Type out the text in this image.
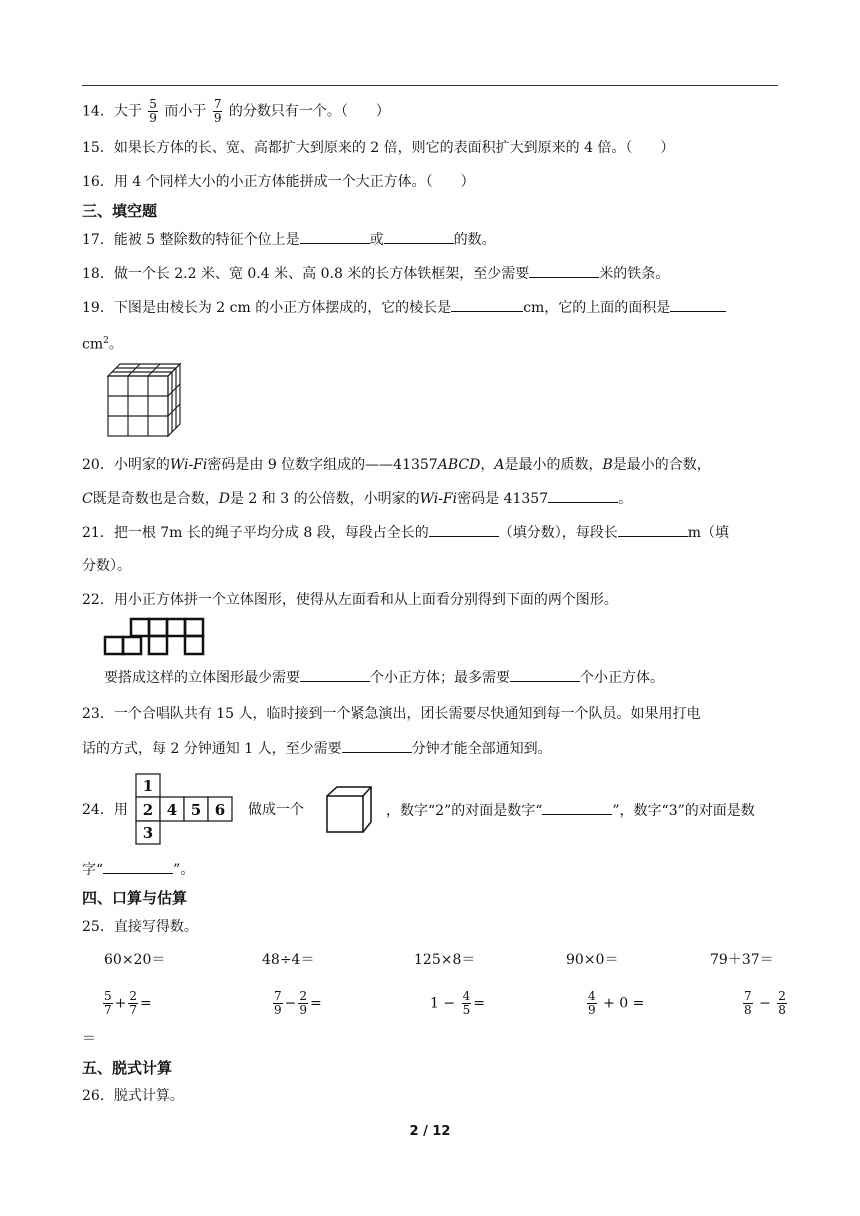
14．大于 $\frac{5}{9}$ 而小于 $\frac{7}{9}$ 的分数只有一个。（　　）
15．如果长方体的长、宽、高都扩大到原来的 2 倍，则它的表面积扩大到原来的 4 倍。（　　）
16．用 4 个同样大小的小正方体能拼成一个大正方体。（　　）
三、填空题
17．能被 5 整除数的特征个位上是	或	的数。
18．做一个长 2.2 米、宽 0.4 米、高 0.8 米的长方体铁框架，至少需要	米的铁条。
19．下图是由棱长为 2 cm 的小正方体摆成的，它的棱长是	cm，它的上面的面积是
$cm^2$。
20．小明家的Wi‐Fi密码是由 9 位数字组成的——41357ABCD，A是最小的质数，B是最小的合数，
C既是奇数也是合数，D是 2 和 3 的公倍数，小明家的Wi‐Fi密码是 41357	。
21．把一根 7m 长的绳子平均分成 8 段，每段占全长的	（填分数），每段长	m（填
分数）。
22．用小正方体拼一个立体图形，使得从左面看和从上面看分别得到下面的两个图形。
要搭成这样的立体图形最少需要	个小正方体；最多需要	个小正方体。
23．一个合唱队共有 15 人，临时接到一个紧急演出，团长需要尽快通知到每一个队员。如果用打电
话的方式，每 2 分钟通知 1 人，至少需要	分钟才能全部通知到。
24．用
1
2 4 5 6
3
做成一个	，数字“2”的对面是数字“	”，数字“3”的对面是数
字“	”。
四、口算与估算
25．直接写得数。
60×20＝	48÷4＝	125×8＝	90×0＝	79＋37＝
$\frac{5}{7} + \frac{2}{7}$ =	$\frac{7}{9} - \frac{2}{9}$ =	$1 - \frac{4}{5}$ =	$\frac{4}{9} + 0$ =	$\frac{7}{8} - \frac{2}{8}$
＝
五、脱式计算
26．脱式计算。
2 / 12
